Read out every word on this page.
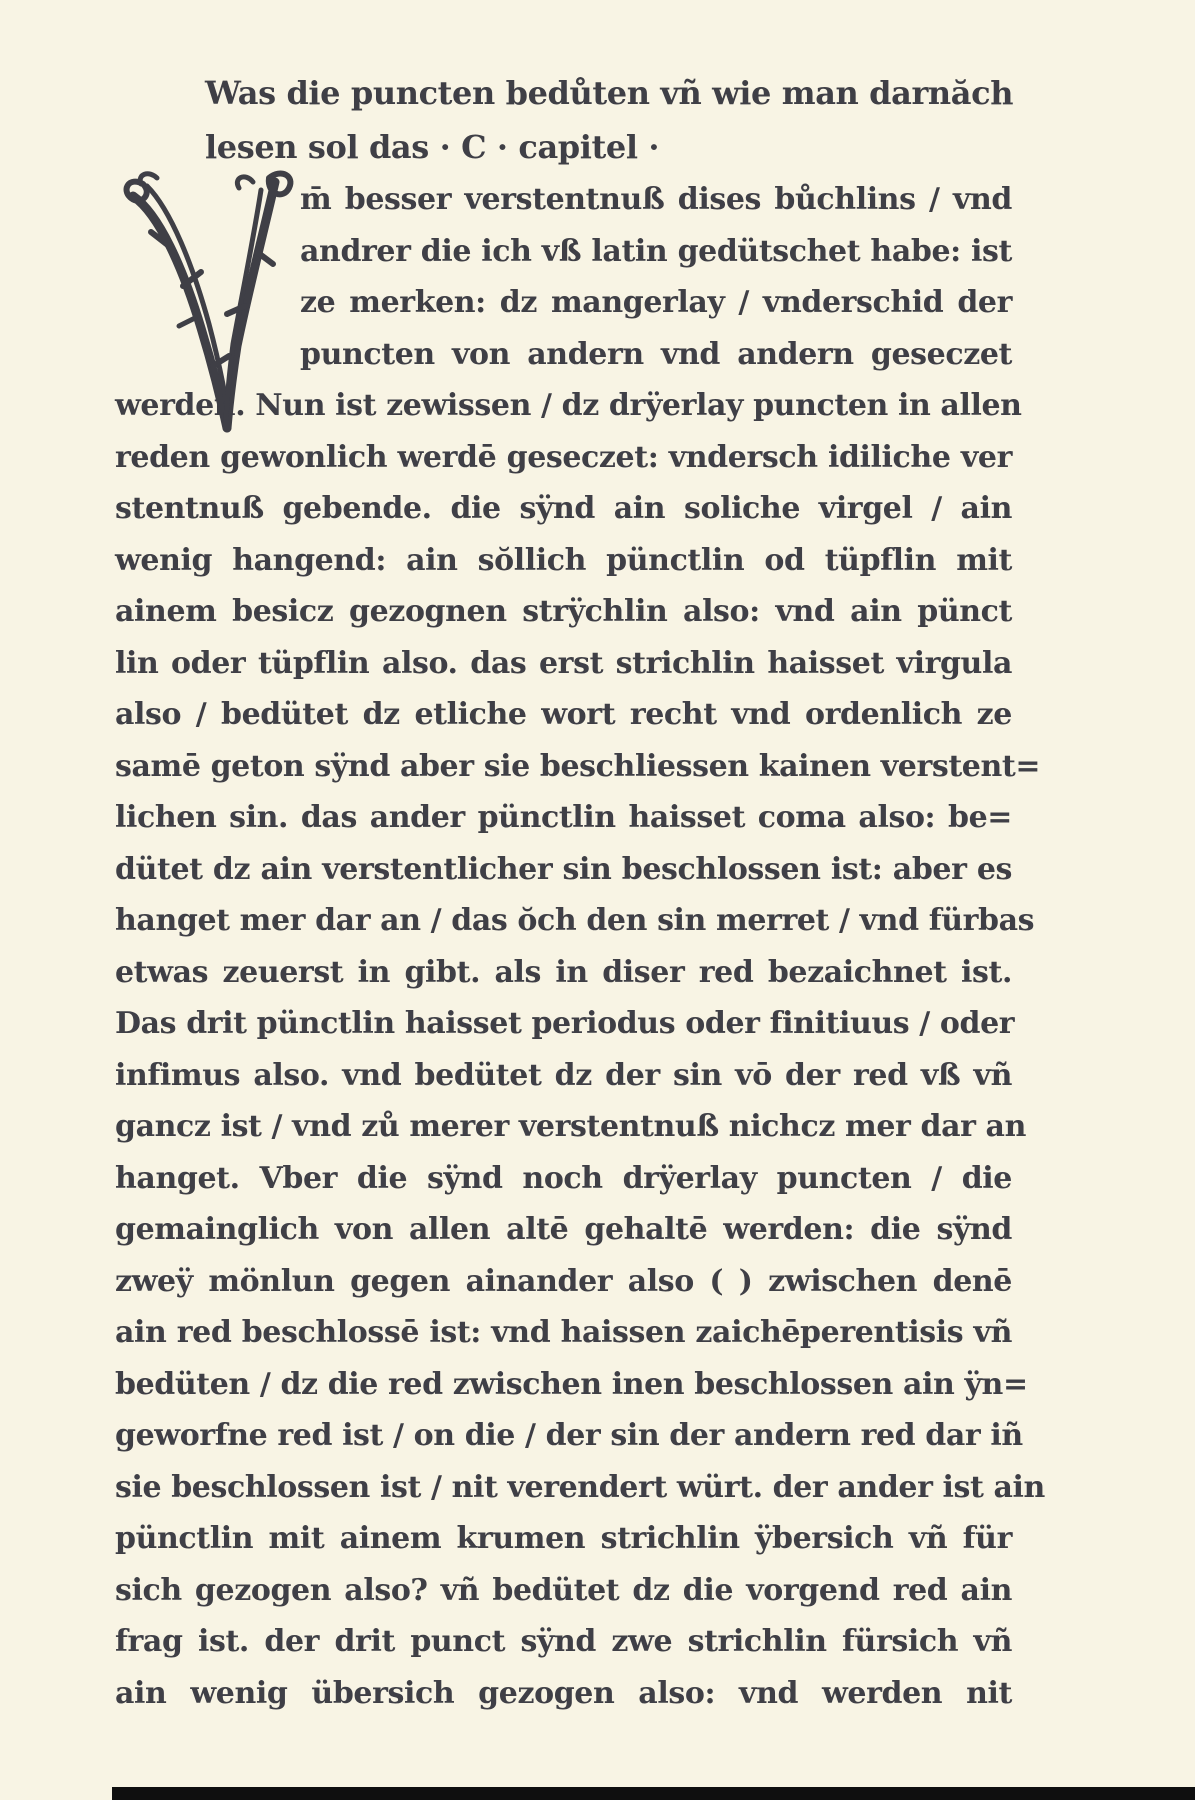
Was die puncten bedůten vñ wie man darnăch
lesen sol das · C · capitel ·
m̄ besser verstentnuß dises bůchlins / vnd
andrer die ich vß latin gedütschet habe: ist
ze merken: dz mangerlay / vnderschid der
puncten von andern vnd andern geseczet
werden. Nun ist zewissen / dz drÿerlay puncten in allen
reden gewonlich werdē geseczet: vndersch idiliche ver
stentnuß gebende. die sÿnd ain soliche virgel / ain
wenig hangend: ain sŏllich pünctlin od tüpflin mit
ainem besicz gezognen strÿchlin also: vnd ain pünct
lin oder tüpflin also. das erst strichlin haisset virgula
also / bedütet dz etliche wort recht vnd ordenlich ze
samē geton sÿnd aber sie beschliessen kainen verstent=
lichen sin. das ander pünctlin haisset coma also: be=
dütet dz ain verstentlicher sin beschlossen ist: aber es
hanget mer dar an / das ŏch den sin merret / vnd fürbas
etwas zeuerst in gibt. als in diser red bezaichnet ist.
Das drit pünctlin haisset periodus oder finitiuus / oder
infimus also. vnd bedütet dz der sin vō der red vß vñ
gancz ist / vnd zů merer verstentnuß nichcz mer dar an
hanget. Vber die sÿnd noch drÿerlay puncten / die
gemainglich von allen altē gehaltē werden: die sÿnd
zweÿ mönlun gegen ainander also ( ) zwischen denē
ain red beschlossē ist: vnd haissen zaichēperentisis vñ
bedüten / dz die red zwischen inen beschlossen ain ÿn=
geworfne red ist / on die / der sin der andern red dar iñ
sie beschlossen ist / nit verendert würt. der ander ist ain
pünctlin mit ainem krumen strichlin ÿbersich vñ für
sich gezogen also? vñ bedütet dz die vorgend red ain
frag ist. der drit punct sÿnd zwe strichlin fürsich vñ
ain wenig übersich gezogen also: vnd werden nit
